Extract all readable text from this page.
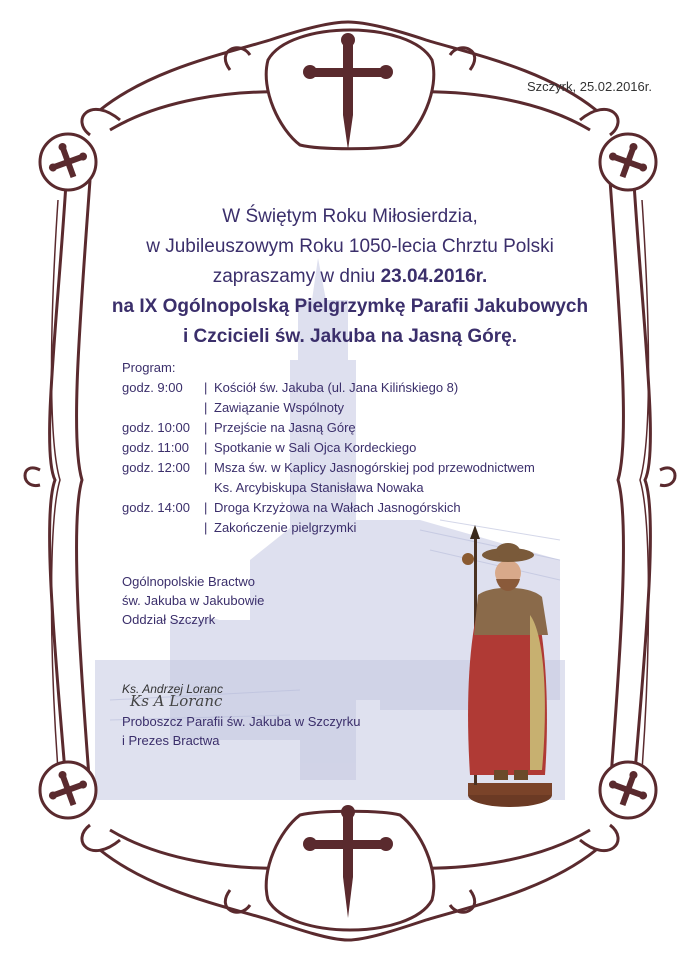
Szczyrk, 25.02.2016r.
W Świętym Roku Miłosierdzia,
w Jubileuszowym Roku 1050-lecia Chrztu Polski
zapraszamy w dniu 23.04.2016r.
na IX Ogólnopolską Pielgrzymkę Parafii Jakubowych
i Czcicieli św. Jakuba na Jasną Górę.
Program:
godz. 9:00	| Kościół św. Jakuba (ul. Jana Kilińskiego 8)
| Zawiązanie Wspólnoty
godz. 10:00	| Przejście na Jasną Górę
godz. 11:00	| Spotkanie w Sali Ojca Kordeckiego
godz. 12:00	| Msza św. w Kaplicy Jasnogórskiej pod przewodnictwem
Ks. Arcybiskupa Stanisława Nowaka
godz. 14:00	| Droga Krzyżowa na Wałach Jasnogórskich
| Zakończenie pielgrzymki
Ogólnopolskie Bractwo
św. Jakuba w Jakubowie
Oddział Szczyrk
Ks. Andrzej Loranc
Ks A Loranc
Proboszcz Parafii św. Jakuba w Szczyrku
i Prezes Bractwa
